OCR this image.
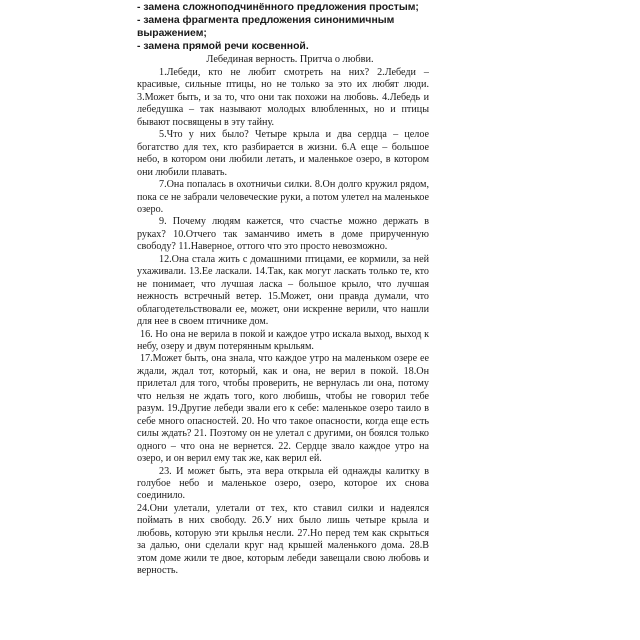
- замена сложноподчинённого предложения простым;
- замена фрагмента предложения синонимичным выражением;
- замена прямой речи косвенной.
Лебединая верность. Притча о любви.

1.Лебеди, кто не любит смотреть на них? 2.Лебеди – красивые, сильные птицы, но не только за это их любят люди. 3.Может быть, и за то, что они так похожи на любовь. 4.Лебедь и лебедушка – так называют молодых влюбленных, но и птицы бывают посвящены в эту тайну.

5.Что у них было? Четыре крыла и два сердца – целое богатство для тех, кто разбирается в жизни. 6.А еще – большое небо, в котором они любили летать, и маленькое озеро, в котором они любили плавать.

7.Она попалась в охотничьи силки. 8.Он долго кружил рядом, пока се не забрали человеческие руки, а потом улетел на маленькое озеро.

9. Почему людям кажется, что счастье можно держать в руках? 10.Отчего так заманчиво иметь в доме прирученную свободу? 11.Наверное, оттого что это просто невозможно.

12.Она стала жить с домашними птицами, ее кормили, за ней ухаживали. 13.Ее ласкали. 14.Так, как могут ласкать только те, кто не понимает, что лучшая ласка – большое крыло, что лучшая нежность встречный ветер. 15.Может, они правда думали, что облагодетельствовали ее, может, они искренне верили, что нашли для нее в своем птичнике дом.

16. Но она не верила в покой и каждое утро искала выход, выход к небу, озеру и двум потерянным крыльям.

17.Может быть, она знала, что каждое утро на маленьком озере ее ждали, ждал тот, который, как и она, не верил в покой. 18.Он прилетал для того, чтобы проверить, не вернулась ли она, потому что нельзя не ждать того, кого любишь, чтобы не говорил тебе разум. 19.Другие лебеди звали его к себе: маленькое озеро таило в себе много опасностей. 20. Но что такое опасности, когда еще есть силы ждать? 21. Поэтому он не улетал с другими, он боялся только одного – что она не вернется. 22. Сердце звало каждое утро на озеро, и он верил ему так же, как верил ей.

23. И может быть, эта вера открыла ей однажды калитку в голубое небо и маленькое озеро, озеро, которое их снова соединило.

24.Они улетали, улетали от тех, кто ставил силки и надеялся поймать в них свободу. 26.У них было лишь четыре крыла и любовь, которую эти крылья несли. 27.Но перед тем как скрыться за далью, они сделали круг над крышей маленького дома. 28.В этом доме жили те двое, которым лебеди завещали свою любовь и верность.
